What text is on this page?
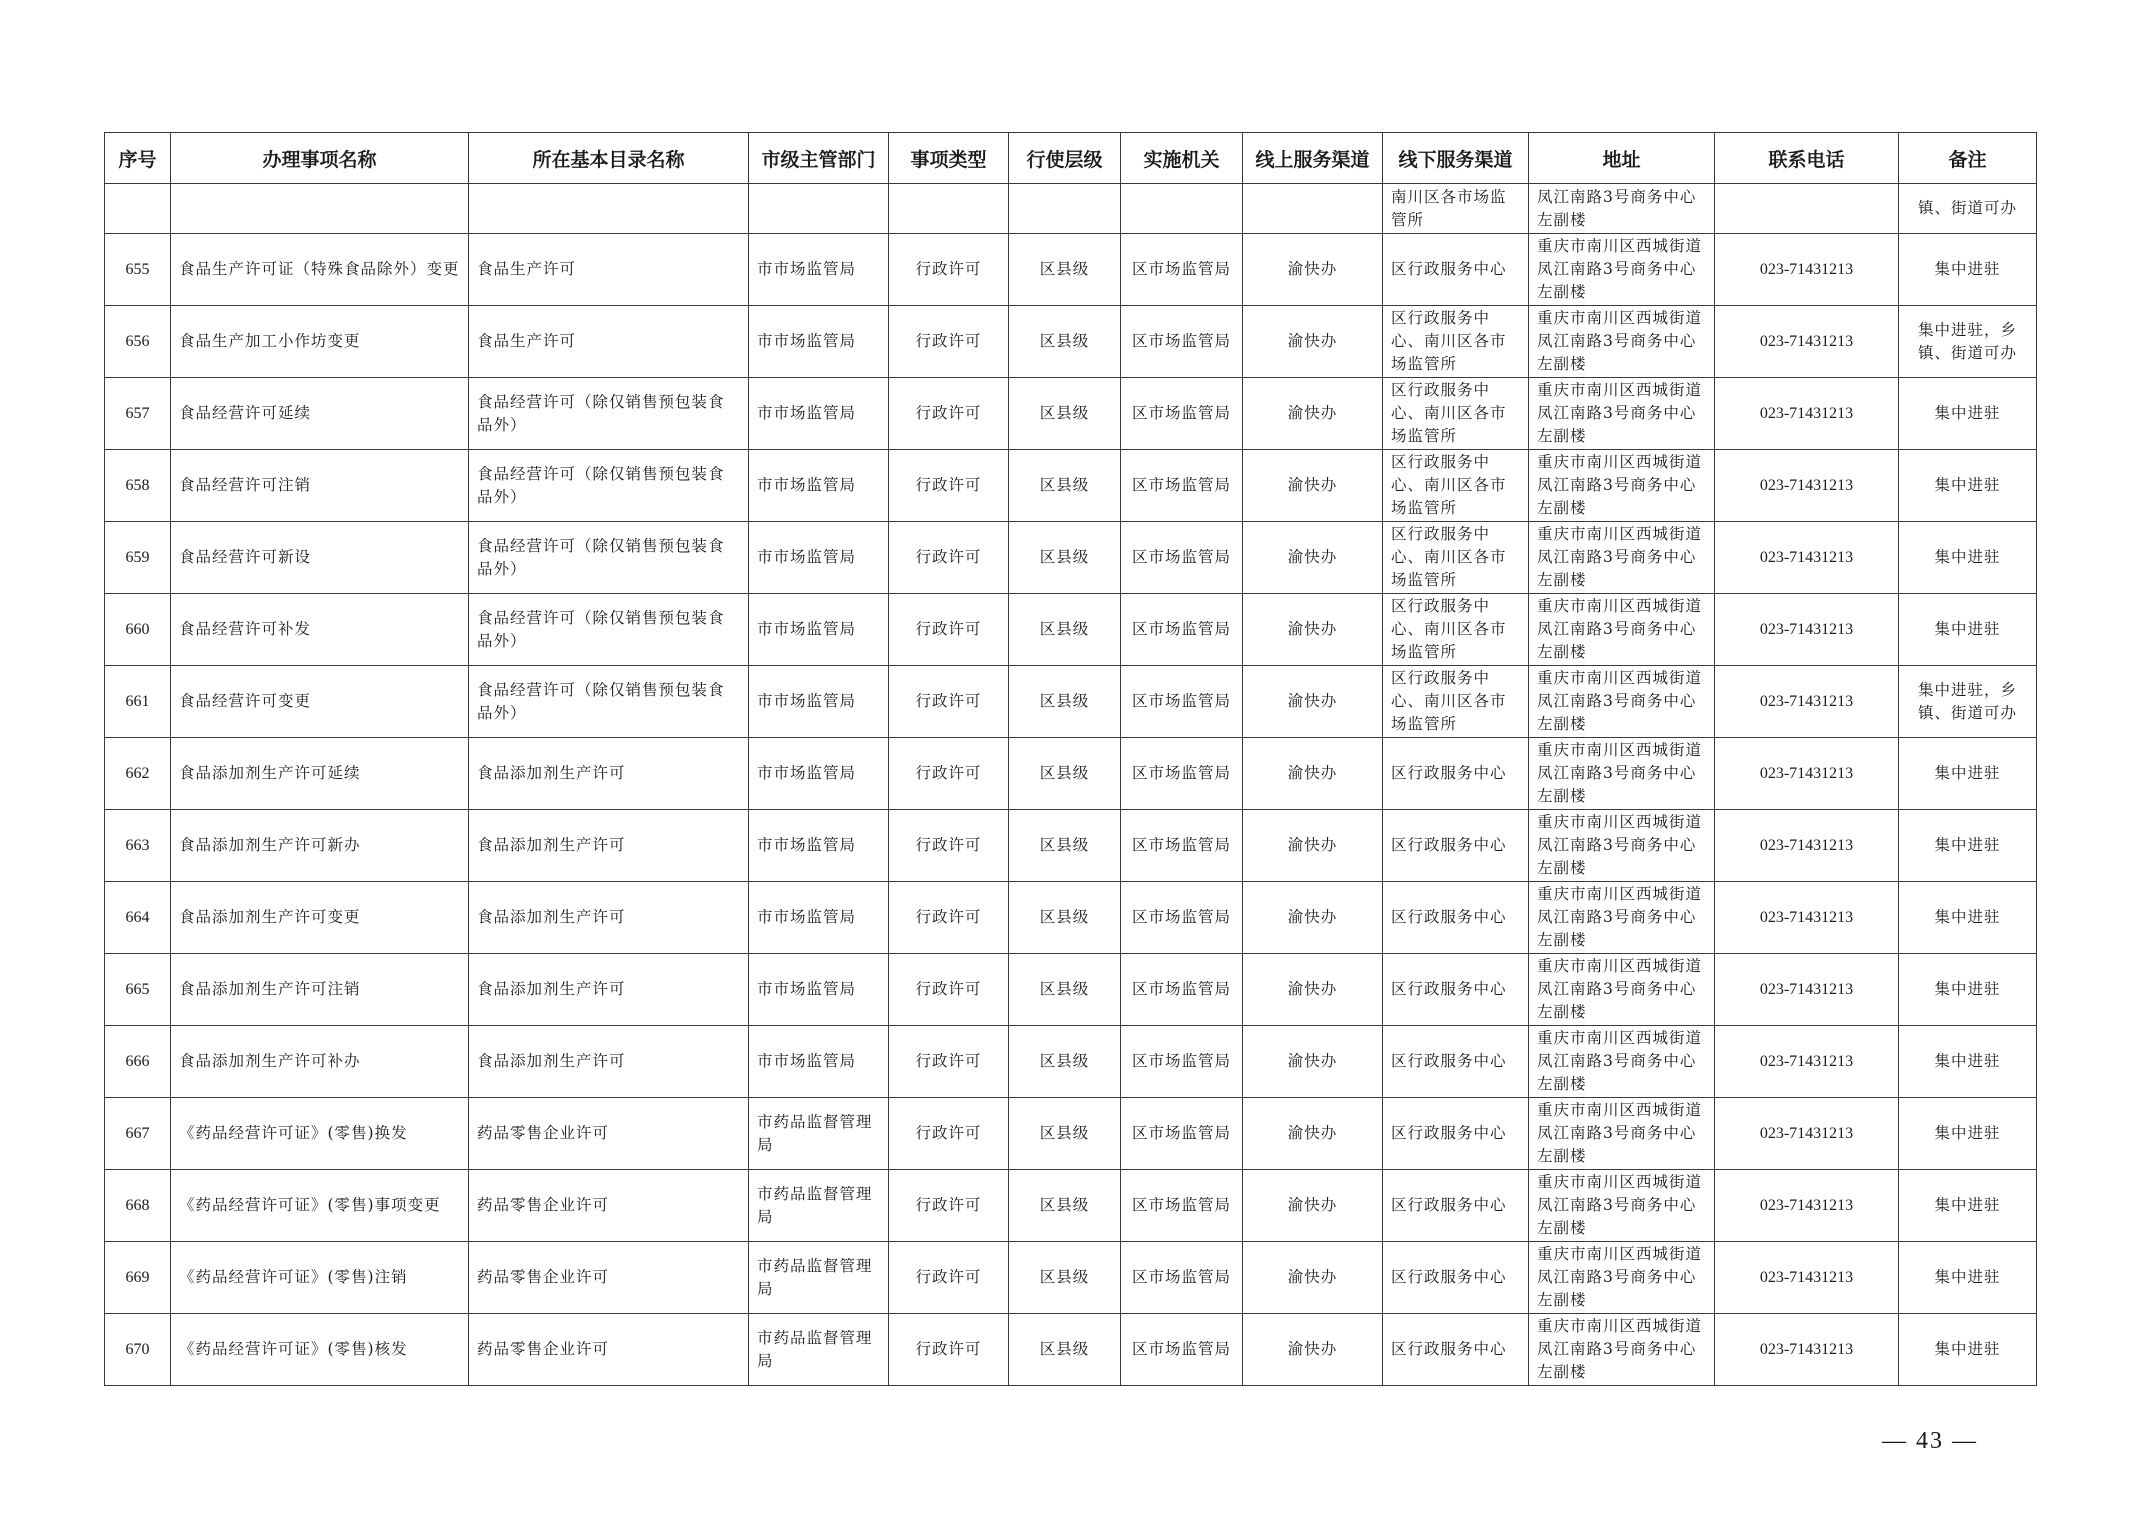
序号	办理事项名称	所在基本目录名称	市级主管部门	事项类型	行使层级	实施机关	线上服务渠道	线下服务渠道	地址	联系电话	备注
								南川区各市场监管所	凤江南路3号商务中心左副楼		镇、街道可办
655	食品生产许可证（特殊食品除外）变更	食品生产许可	市市场监管局	行政许可	区县级	区市场监管局	渝快办	区行政服务中心	重庆市南川区西城街道凤江南路3号商务中心左副楼	023-71431213	集中进驻
656	食品生产加工小作坊变更	食品生产许可	市市场监管局	行政许可	区县级	区市场监管局	渝快办	区行政服务中心、南川区各市场监管所	重庆市南川区西城街道凤江南路3号商务中心左副楼	023-71431213	集中进驻，乡镇、街道可办
657	食品经营许可延续	食品经营许可（除仅销售预包装食品外）	市市场监管局	行政许可	区县级	区市场监管局	渝快办	区行政服务中心、南川区各市场监管所	重庆市南川区西城街道凤江南路3号商务中心左副楼	023-71431213	集中进驻
658	食品经营许可注销	食品经营许可（除仅销售预包装食品外）	市市场监管局	行政许可	区县级	区市场监管局	渝快办	区行政服务中心、南川区各市场监管所	重庆市南川区西城街道凤江南路3号商务中心左副楼	023-71431213	集中进驻
659	食品经营许可新设	食品经营许可（除仅销售预包装食品外）	市市场监管局	行政许可	区县级	区市场监管局	渝快办	区行政服务中心、南川区各市场监管所	重庆市南川区西城街道凤江南路3号商务中心左副楼	023-71431213	集中进驻
660	食品经营许可补发	食品经营许可（除仅销售预包装食品外）	市市场监管局	行政许可	区县级	区市场监管局	渝快办	区行政服务中心、南川区各市场监管所	重庆市南川区西城街道凤江南路3号商务中心左副楼	023-71431213	集中进驻
661	食品经营许可变更	食品经营许可（除仅销售预包装食品外）	市市场监管局	行政许可	区县级	区市场监管局	渝快办	区行政服务中心、南川区各市场监管所	重庆市南川区西城街道凤江南路3号商务中心左副楼	023-71431213	集中进驻，乡镇、街道可办
662	食品添加剂生产许可延续	食品添加剂生产许可	市市场监管局	行政许可	区县级	区市场监管局	渝快办	区行政服务中心	重庆市南川区西城街道凤江南路3号商务中心左副楼	023-71431213	集中进驻
663	食品添加剂生产许可新办	食品添加剂生产许可	市市场监管局	行政许可	区县级	区市场监管局	渝快办	区行政服务中心	重庆市南川区西城街道凤江南路3号商务中心左副楼	023-71431213	集中进驻
664	食品添加剂生产许可变更	食品添加剂生产许可	市市场监管局	行政许可	区县级	区市场监管局	渝快办	区行政服务中心	重庆市南川区西城街道凤江南路3号商务中心左副楼	023-71431213	集中进驻
665	食品添加剂生产许可注销	食品添加剂生产许可	市市场监管局	行政许可	区县级	区市场监管局	渝快办	区行政服务中心	重庆市南川区西城街道凤江南路3号商务中心左副楼	023-71431213	集中进驻
666	食品添加剂生产许可补办	食品添加剂生产许可	市市场监管局	行政许可	区县级	区市场监管局	渝快办	区行政服务中心	重庆市南川区西城街道凤江南路3号商务中心左副楼	023-71431213	集中进驻
667	《药品经营许可证》(零售)换发	药品零售企业许可	市药品监督管理局	行政许可	区县级	区市场监管局	渝快办	区行政服务中心	重庆市南川区西城街道凤江南路3号商务中心左副楼	023-71431213	集中进驻
668	《药品经营许可证》(零售)事项变更	药品零售企业许可	市药品监督管理局	行政许可	区县级	区市场监管局	渝快办	区行政服务中心	重庆市南川区西城街道凤江南路3号商务中心左副楼	023-71431213	集中进驻
669	《药品经营许可证》(零售)注销	药品零售企业许可	市药品监督管理局	行政许可	区县级	区市场监管局	渝快办	区行政服务中心	重庆市南川区西城街道凤江南路3号商务中心左副楼	023-71431213	集中进驻
670	《药品经营许可证》(零售)核发	药品零售企业许可	市药品监督管理局	行政许可	区县级	区市场监管局	渝快办	区行政服务中心	重庆市南川区西城街道凤江南路3号商务中心左副楼	023-71431213	集中进驻
— 43 —
